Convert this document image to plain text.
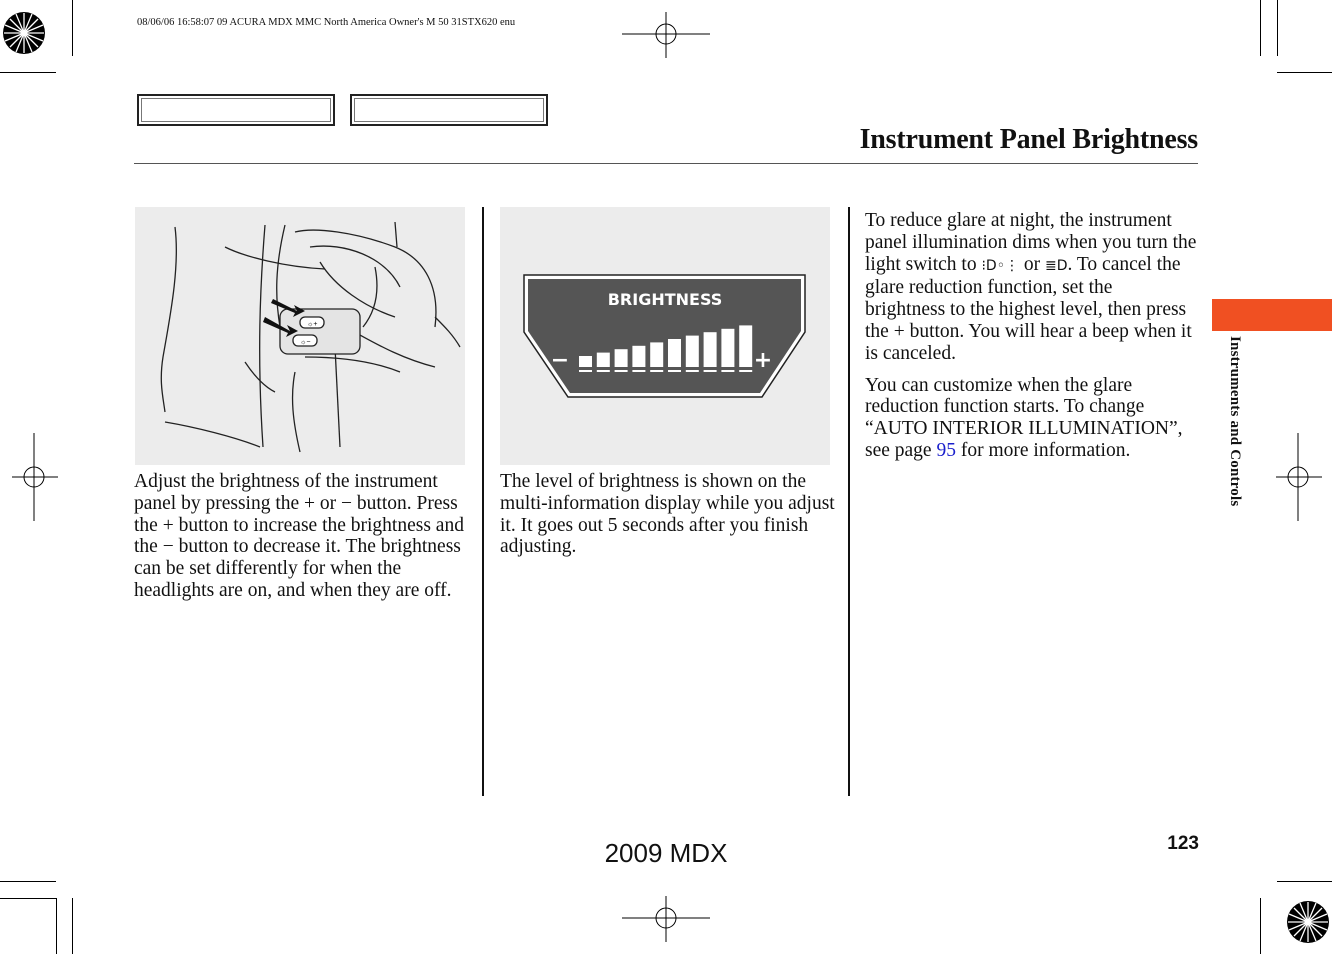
08/06/06 16:58:07 09 ACURA MDX MMC North America Owner's M 50 31STX620 enu
Instrument Panel Brightness
☼+
☼−

Adjust the brightness of the instrument panel by pressing the + or − button. Press the + button to increase the brightness and the − button to decrease it. The brightness can be set differently for when the headlights are on, and when they are off.

BRIGHTNESS
−	+

The level of brightness is shown on the multi-information display while you adjust it. It goes out 5 seconds after you finish adjusting.

To reduce glare at night, the instrument panel illumination dims when you turn the light switch to ⁝D◦⋮ or ≣D. To cancel the glare reduction function, set the brightness to the highest level, then press the + button. You will hear a beep when it is canceled.

You can customize when the glare reduction function starts. To change “AUTO INTERIOR ILLUMINATION”, see page 95 for more information.	Instruments and Controls
123
2009 MDX
